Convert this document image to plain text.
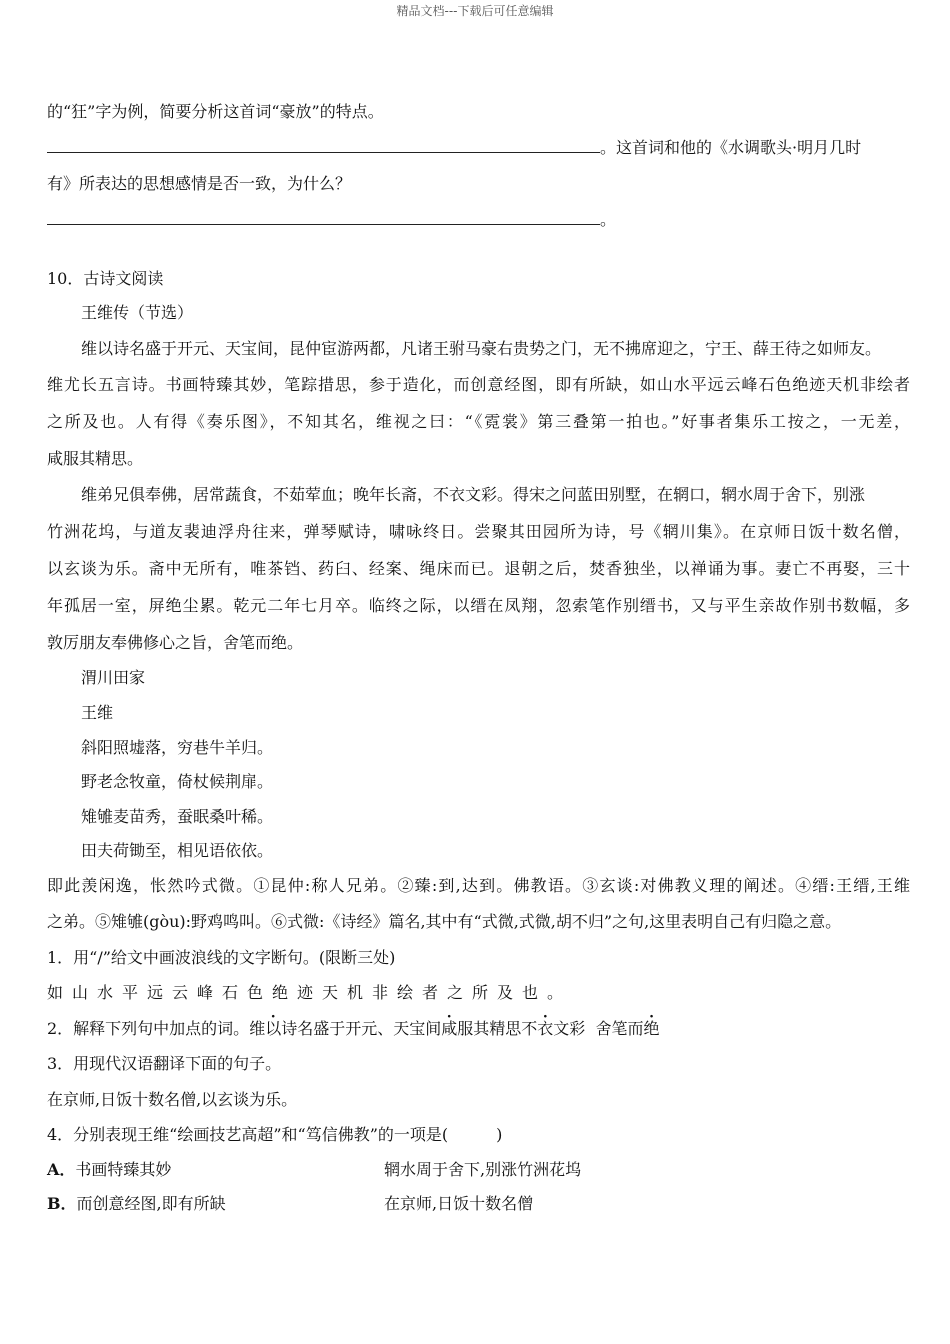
精品文档---下载后可任意编辑
的“狂”字为例，简要分析这首词“豪放”的特点。
。这首词和他的《水调歌头·明月几时
有》所表达的思想感情是否一致，为什么？
。
10．古诗文阅读
王维传（节选）
维以诗名盛于开元、天宝间，昆仲宦游两都，凡诸王驸马豪右贵势之门，无不拂席迎之，宁王、薛王待之如师友。
维尤长五言诗。书画特臻其妙，笔踪措思，参于造化，而创意经图，即有所缺，如山水平远云峰石色绝迹天机非绘者
之所及也。人有得《奏乐图》，不知其名，维视之曰：“《霓裳》第三叠第一拍也。”好事者集乐工按之，一无差，
咸服其精思。
维弟兄俱奉佛，居常蔬食，不茹荤血；晚年长斋，不衣文彩。得宋之问蓝田别墅，在辋口，辋水周于舍下，别涨
竹洲花坞，与道友裴迪浮舟往来，弹琴赋诗，啸咏终日。尝聚其田园所为诗，号《辋川集》。在京师日饭十数名僧，
以玄谈为乐。斋中无所有，唯茶铛、药臼、经案、绳床而已。退朝之后，焚香独坐，以禅诵为事。妻亡不再娶，三十
年孤居一室，屏绝尘累。乾元二年七月卒。临终之际，以缙在凤翔，忽索笔作别缙书，又与平生亲故作别书数幅，多
敦厉朋友奉佛修心之旨，舍笔而绝。
渭川田家
王维
斜阳照墟落，穷巷牛羊归。
野老念牧童，倚杖候荆扉。
雉雊麦苗秀，蚕眠桑叶稀。
田夫荷锄至，相见语依依。
即此羡闲逸，怅然吟式微。①昆仲:称人兄弟。②臻:到,达到。佛教语。③玄谈:对佛教义理的阐述。④缙:王缙,王维
之弟。⑤雉雊(gòu):野鸡鸣叫。⑥式微:《诗经》篇名,其中有“式微,式微,胡不归”之句,这里表明自己有归隐之意。
1．用“/”给文中画波浪线的文字断句。(限断三处)
如山水平远云峰石色绝迹天机非绘者之所及也。
2．解释下列句中加点的词。维以诗名盛于开元、天宝间咸服其精思不衣文彩 舍笔而绝
3．用现代汉语翻译下面的句子。
在京师,日饭十数名僧,以玄谈为乐。
4．分别表现王维“绘画技艺高超”和“笃信佛教”的一项是(　　　)
A．书画特臻其妙	辋水周于舍下,别涨竹洲花坞
B．而创意经图,即有所缺	在京师,日饭十数名僧
